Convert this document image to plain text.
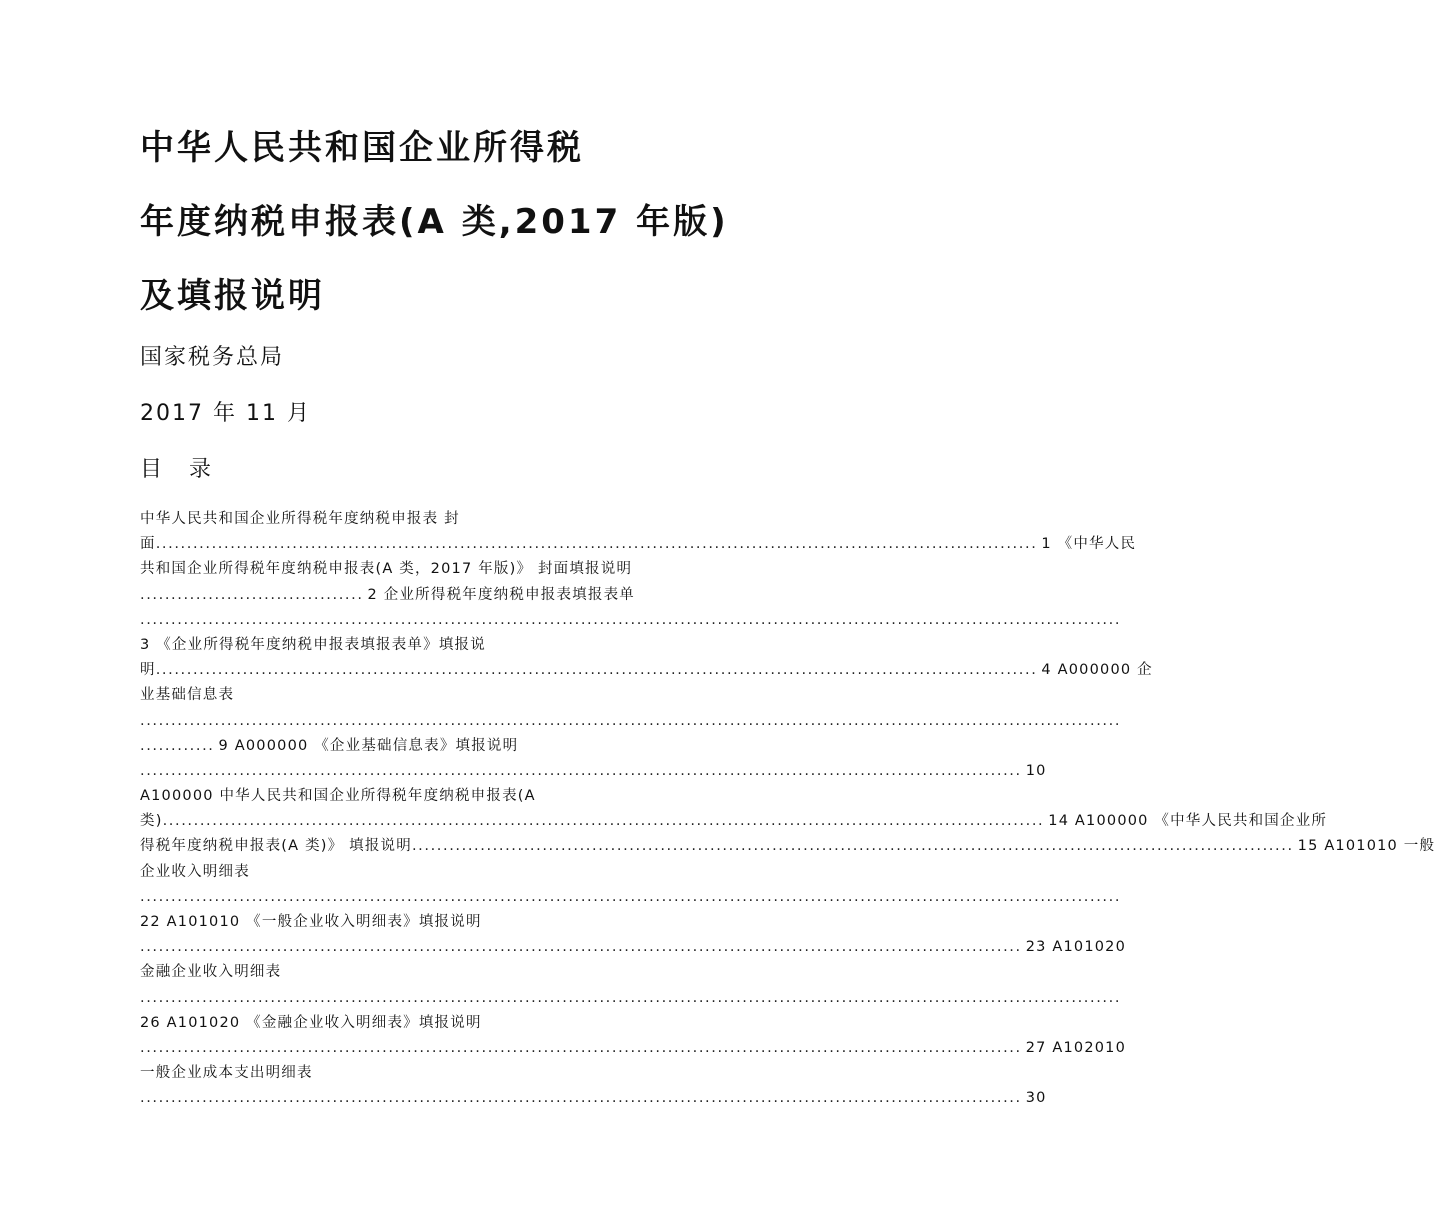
中华人民共和国企业所得税
年度纳税申报表(A 类,2017 年版)
及填报说明
国家税务总局
2017 年 11 月
目 录
中华人民共和国企业所得税年度纳税申报表 封
面 .............................................................................................................................................. 1 《中华人民
共和国企业所得税年度纳税申报表(A 类，2017 年版)》 封面填报说明
.................................... 2 企业所得税年度纳税申报表填报表单
..............................................................................................................................................................
3 《企业所得税年度纳税申报表填报表单》填报说
明 .............................................................................................................................................. 4 A000000 企
业基础信息表
..............................................................................................................................................................
............ 9 A000000 《企业基础信息表》填报说明
.............................................................................................................................................. 10
A100000 中华人民共和国企业所得税年度纳税申报表(A
类) .............................................................................................................................................. 14 A100000 《中华人民共和国企业所
得税年度纳税申报表(A 类)》 填报说明 .............................................................................................................................................. 15 A101010 一般
企业收入明细表
..............................................................................................................................................................
22 A101010 《一般企业收入明细表》填报说明
.............................................................................................................................................. 23 A101020
金融企业收入明细表
..............................................................................................................................................................
26 A101020 《金融企业收入明细表》填报说明
.............................................................................................................................................. 27 A102010
一般企业成本支出明细表
.............................................................................................................................................. 30
